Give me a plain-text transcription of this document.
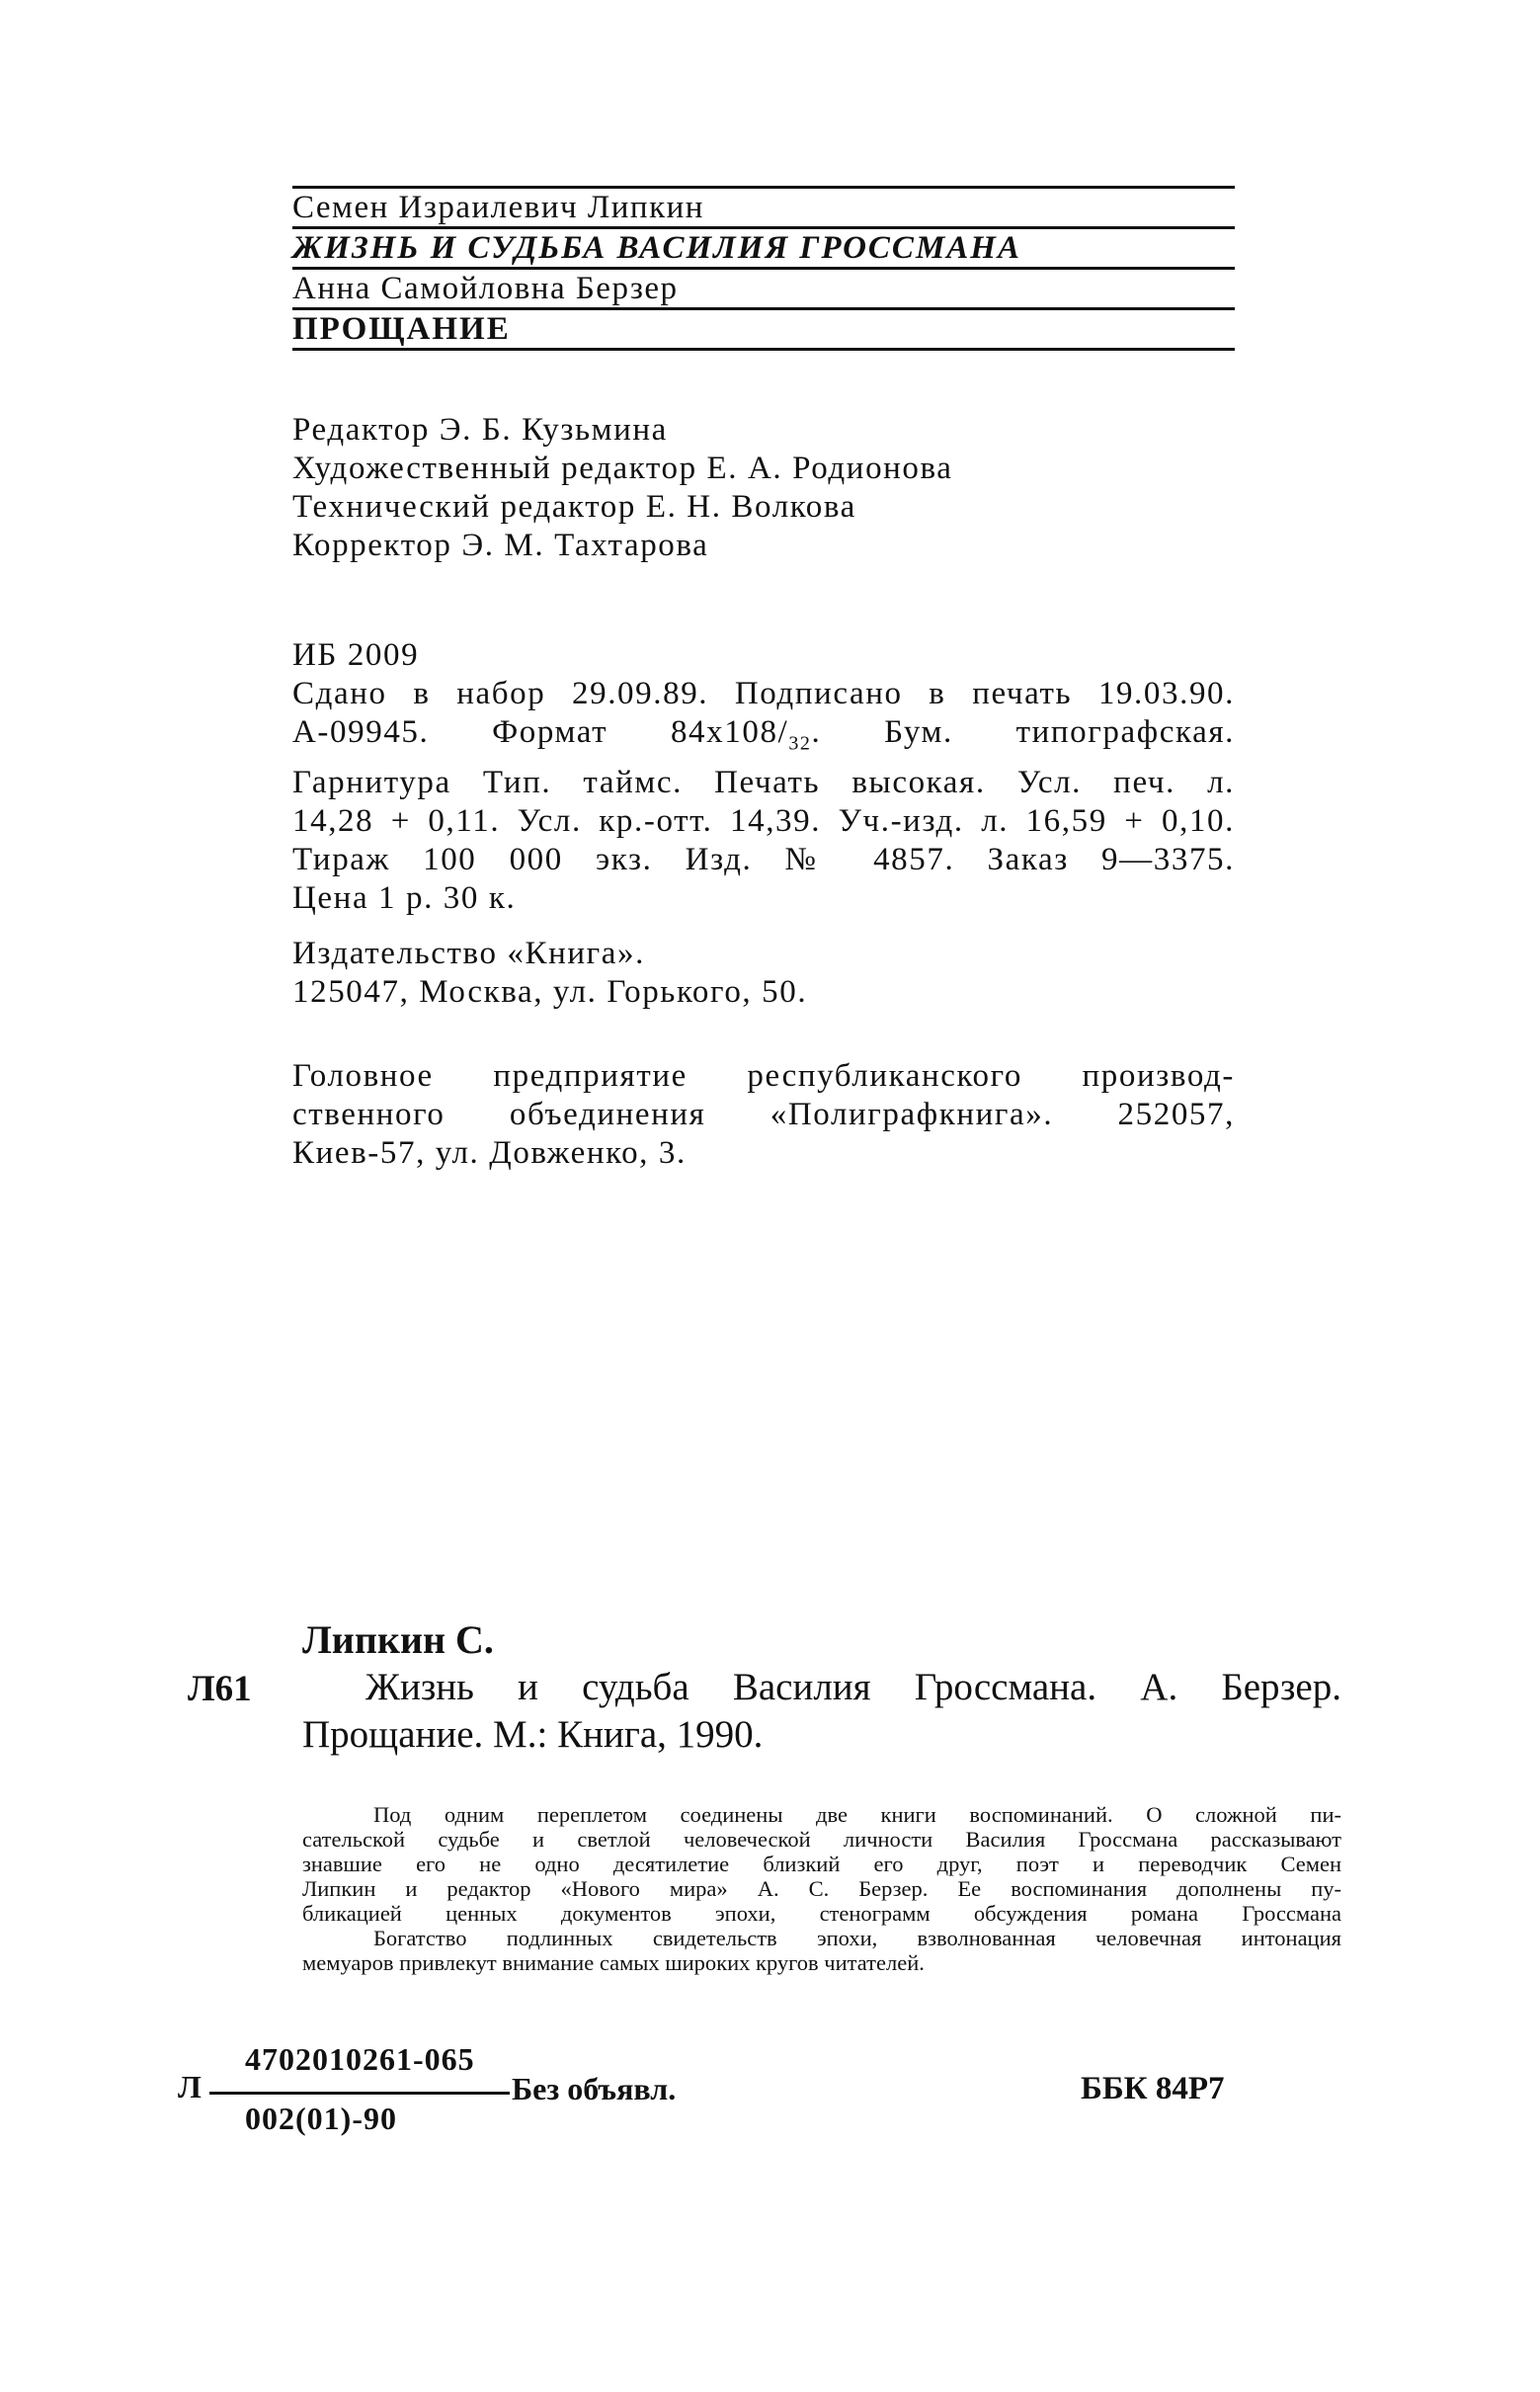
Семен Израилевич Липкин
ЖИЗНЬ И СУДЬБА ВАСИЛИЯ ГРОССМАНА
Анна Самойловна Берзер
ПРОЩАНИЕ
Редактор Э. Б. Кузьмина
Художественный редактор Е. А. Родионова
Технический редактор Е. Н. Волкова
Корректор Э. М. Тахтарова
ИБ 2009
Сдано в набор 29.09.89. Подписано в печать 19.03.90.
А-09945. Формат $84х108/_{32}$. Бум. типографская.
Гарнитура Тип. таймс. Печать высокая. Усл. печ. л.
14,28 + 0,11. Усл. кр.-отт. 14,39. Уч.-изд. л. 16,59 + 0,10.
Тираж 100 000 экз. Изд. № 4857. Заказ 9—3375.
Цена 1 р. 30 к.
Издательство «Книга».
125047, Москва, ул. Горького, 50.
Головное предприятие республиканского производ-
ственного объединения «Полиграфкнига». 252057,
Киев-57, ул. Довженко, 3.
Л61
Липкин С.
Жизнь и судьба Василия Гроссмана. А. Берзер.
Прощание. М.: Книга, 1990.
Под одним переплетом соединены две книги воспоминаний. О сложной пи-
сательской судьбе и светлой человеческой личности Василия Гроссмана рассказывают
знавшие его не одно десятилетие близкий его друг, поэт и переводчик Семен
Липкин и редактор «Нового мира» А. С. Берзер. Ее воспоминания дополнены пу-
бликацией ценных документов эпохи, стенограмм обсуждения романа Гроссмана
Богатство подлинных свидетельств эпохи, взволнованная человечная интонация
мемуаров привлекут внимание самых широких кругов читателей.
Л
4702010261-065
002(01)-90
Без объявл.	ББК 84Р7
